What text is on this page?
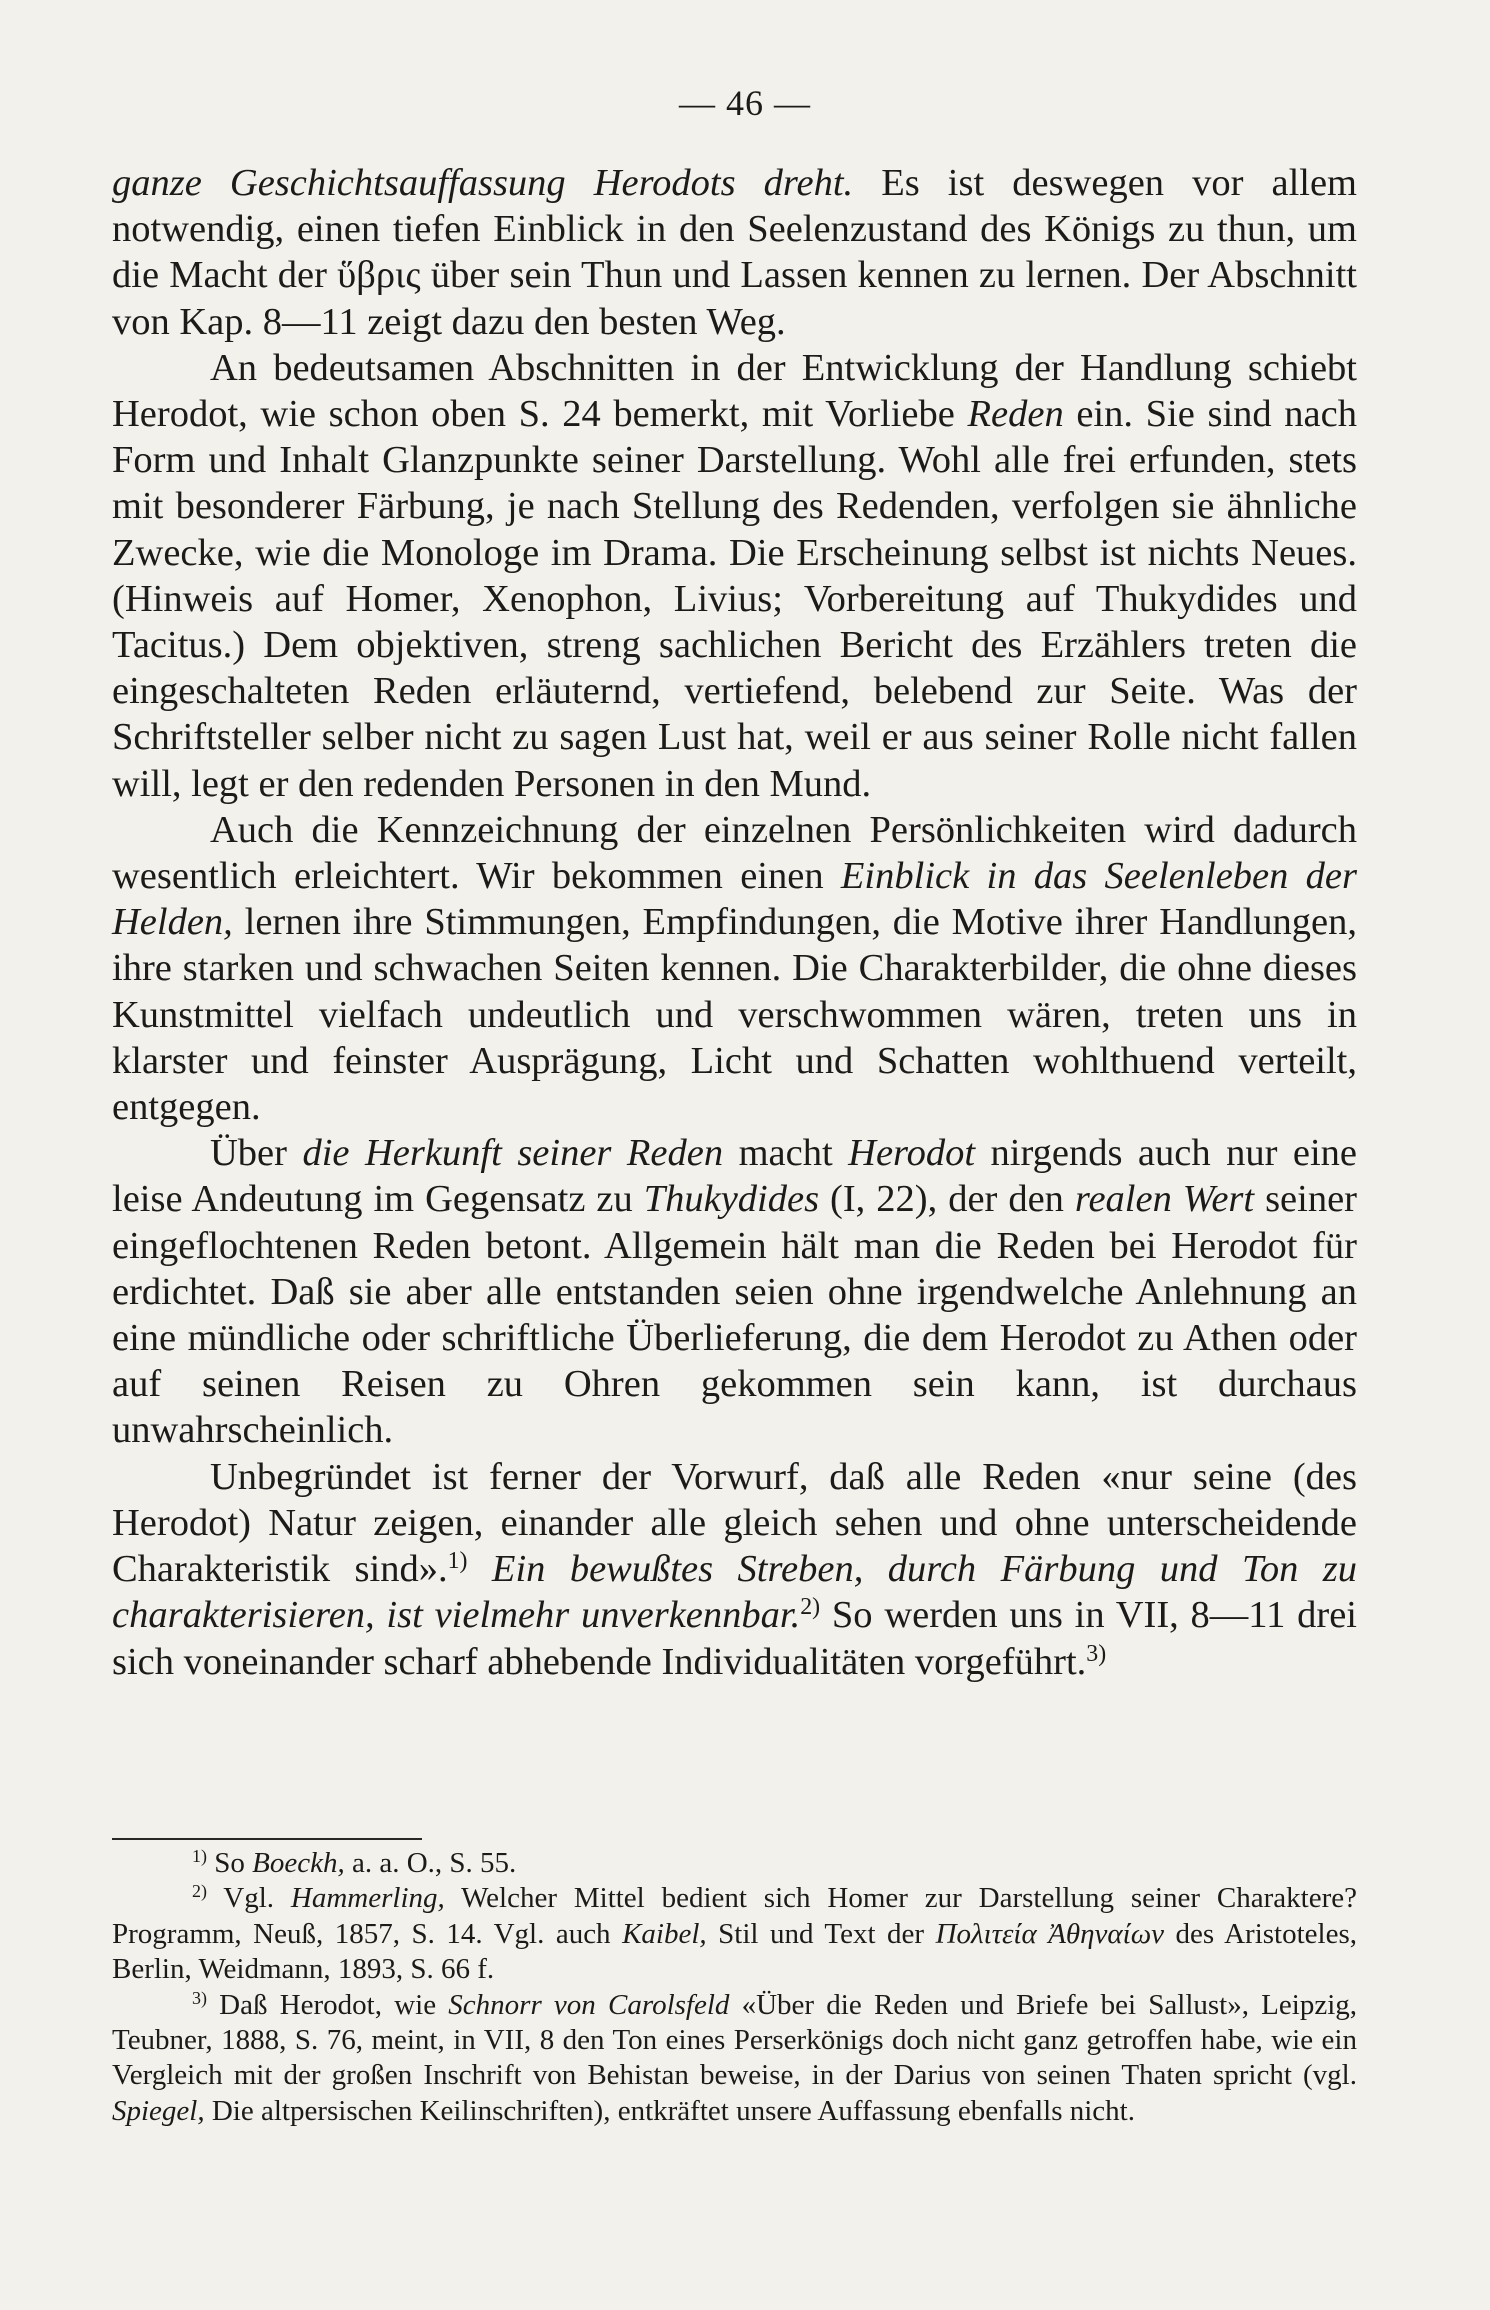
— 46 —

ganze Geschichtsauffassung Herodots dreht. Es ist deswegen vor allem notwendig, einen tiefen Einblick in den Seelenzustand des Königs zu thun, um die Macht der ὕβρις über sein Thun und Lassen kennen zu lernen. Der Abschnitt von Kap. 8—11 zeigt dazu den besten Weg.

An bedeutsamen Abschnitten in der Entwicklung der Handlung schiebt Herodot, wie schon oben S. 24 bemerkt, mit Vorliebe Reden ein. Sie sind nach Form und Inhalt Glanzpunkte seiner Darstellung. Wohl alle frei erfunden, stets mit besonderer Färbung, je nach Stellung des Redenden, verfolgen sie ähnliche Zwecke, wie die Monologe im Drama. Die Erscheinung selbst ist nichts Neues. (Hinweis auf Homer, Xenophon, Livius; Vorbereitung auf Thukydides und Tacitus.) Dem objektiven, streng sachlichen Bericht des Erzählers treten die eingeschalteten Reden erläuternd, vertiefend, belebend zur Seite. Was der Schriftsteller selber nicht zu sagen Lust hat, weil er aus seiner Rolle nicht fallen will, legt er den redenden Personen in den Mund.

Auch die Kennzeichnung der einzelnen Persönlichkeiten wird dadurch wesentlich erleichtert. Wir bekommen einen Einblick in das Seelenleben der Helden, lernen ihre Stimmungen, Empfindungen, die Motive ihrer Handlungen, ihre starken und schwachen Seiten kennen. Die Charakterbilder, die ohne dieses Kunstmittel vielfach undeutlich und verschwommen wären, treten uns in klarster und feinster Ausprägung, Licht und Schatten wohlthuend verteilt, entgegen.

Über die Herkunft seiner Reden macht Herodot nirgends auch nur eine leise Andeutung im Gegensatz zu Thukydides (I, 22), der den realen Wert seiner eingeflochtenen Reden betont. Allgemein hält man die Reden bei Herodot für erdichtet. Daß sie aber alle entstanden seien ohne irgendwelche Anlehnung an eine mündliche oder schriftliche Überlieferung, die dem Herodot zu Athen oder auf seinen Reisen zu Ohren gekommen sein kann, ist durchaus unwahrscheinlich.

Unbegründet ist ferner der Vorwurf, daß alle Reden «nur seine (des Herodot) Natur zeigen, einander alle gleich sehen und ohne unterscheidende Charakteristik sind».$^{1)}$ Ein bewußtes Streben, durch Färbung und Ton zu charakterisieren, ist vielmehr unverkennbar.$^{2)}$ So werden uns in VII, 8—11 drei sich voneinander scharf abhebende Individualitäten vorgeführt.$^{3)}$

$^{1)}$ So Boeckh, a. a. O., S. 55.

$^{2)}$ Vgl. Hammerling, Welcher Mittel bedient sich Homer zur Darstellung seiner Charaktere? Programm, Neuß, 1857, S. 14. Vgl. auch Kaibel, Stil und Text der Πολιτεία Ἀθηναίων des Aristoteles, Berlin, Weidmann, 1893, S. 66 f.

$^{3)}$ Daß Herodot, wie Schnorr von Carolsfeld «Über die Reden und Briefe bei Sallust», Leipzig, Teubner, 1888, S. 76, meint, in VII, 8 den Ton eines Perserkönigs doch nicht ganz getroffen habe, wie ein Vergleich mit der großen Inschrift von Behistan beweise, in der Darius von seinen Thaten spricht (vgl. Spiegel, Die altpersischen Keilinschriften), entkräftet unsere Auffassung ebenfalls nicht.
